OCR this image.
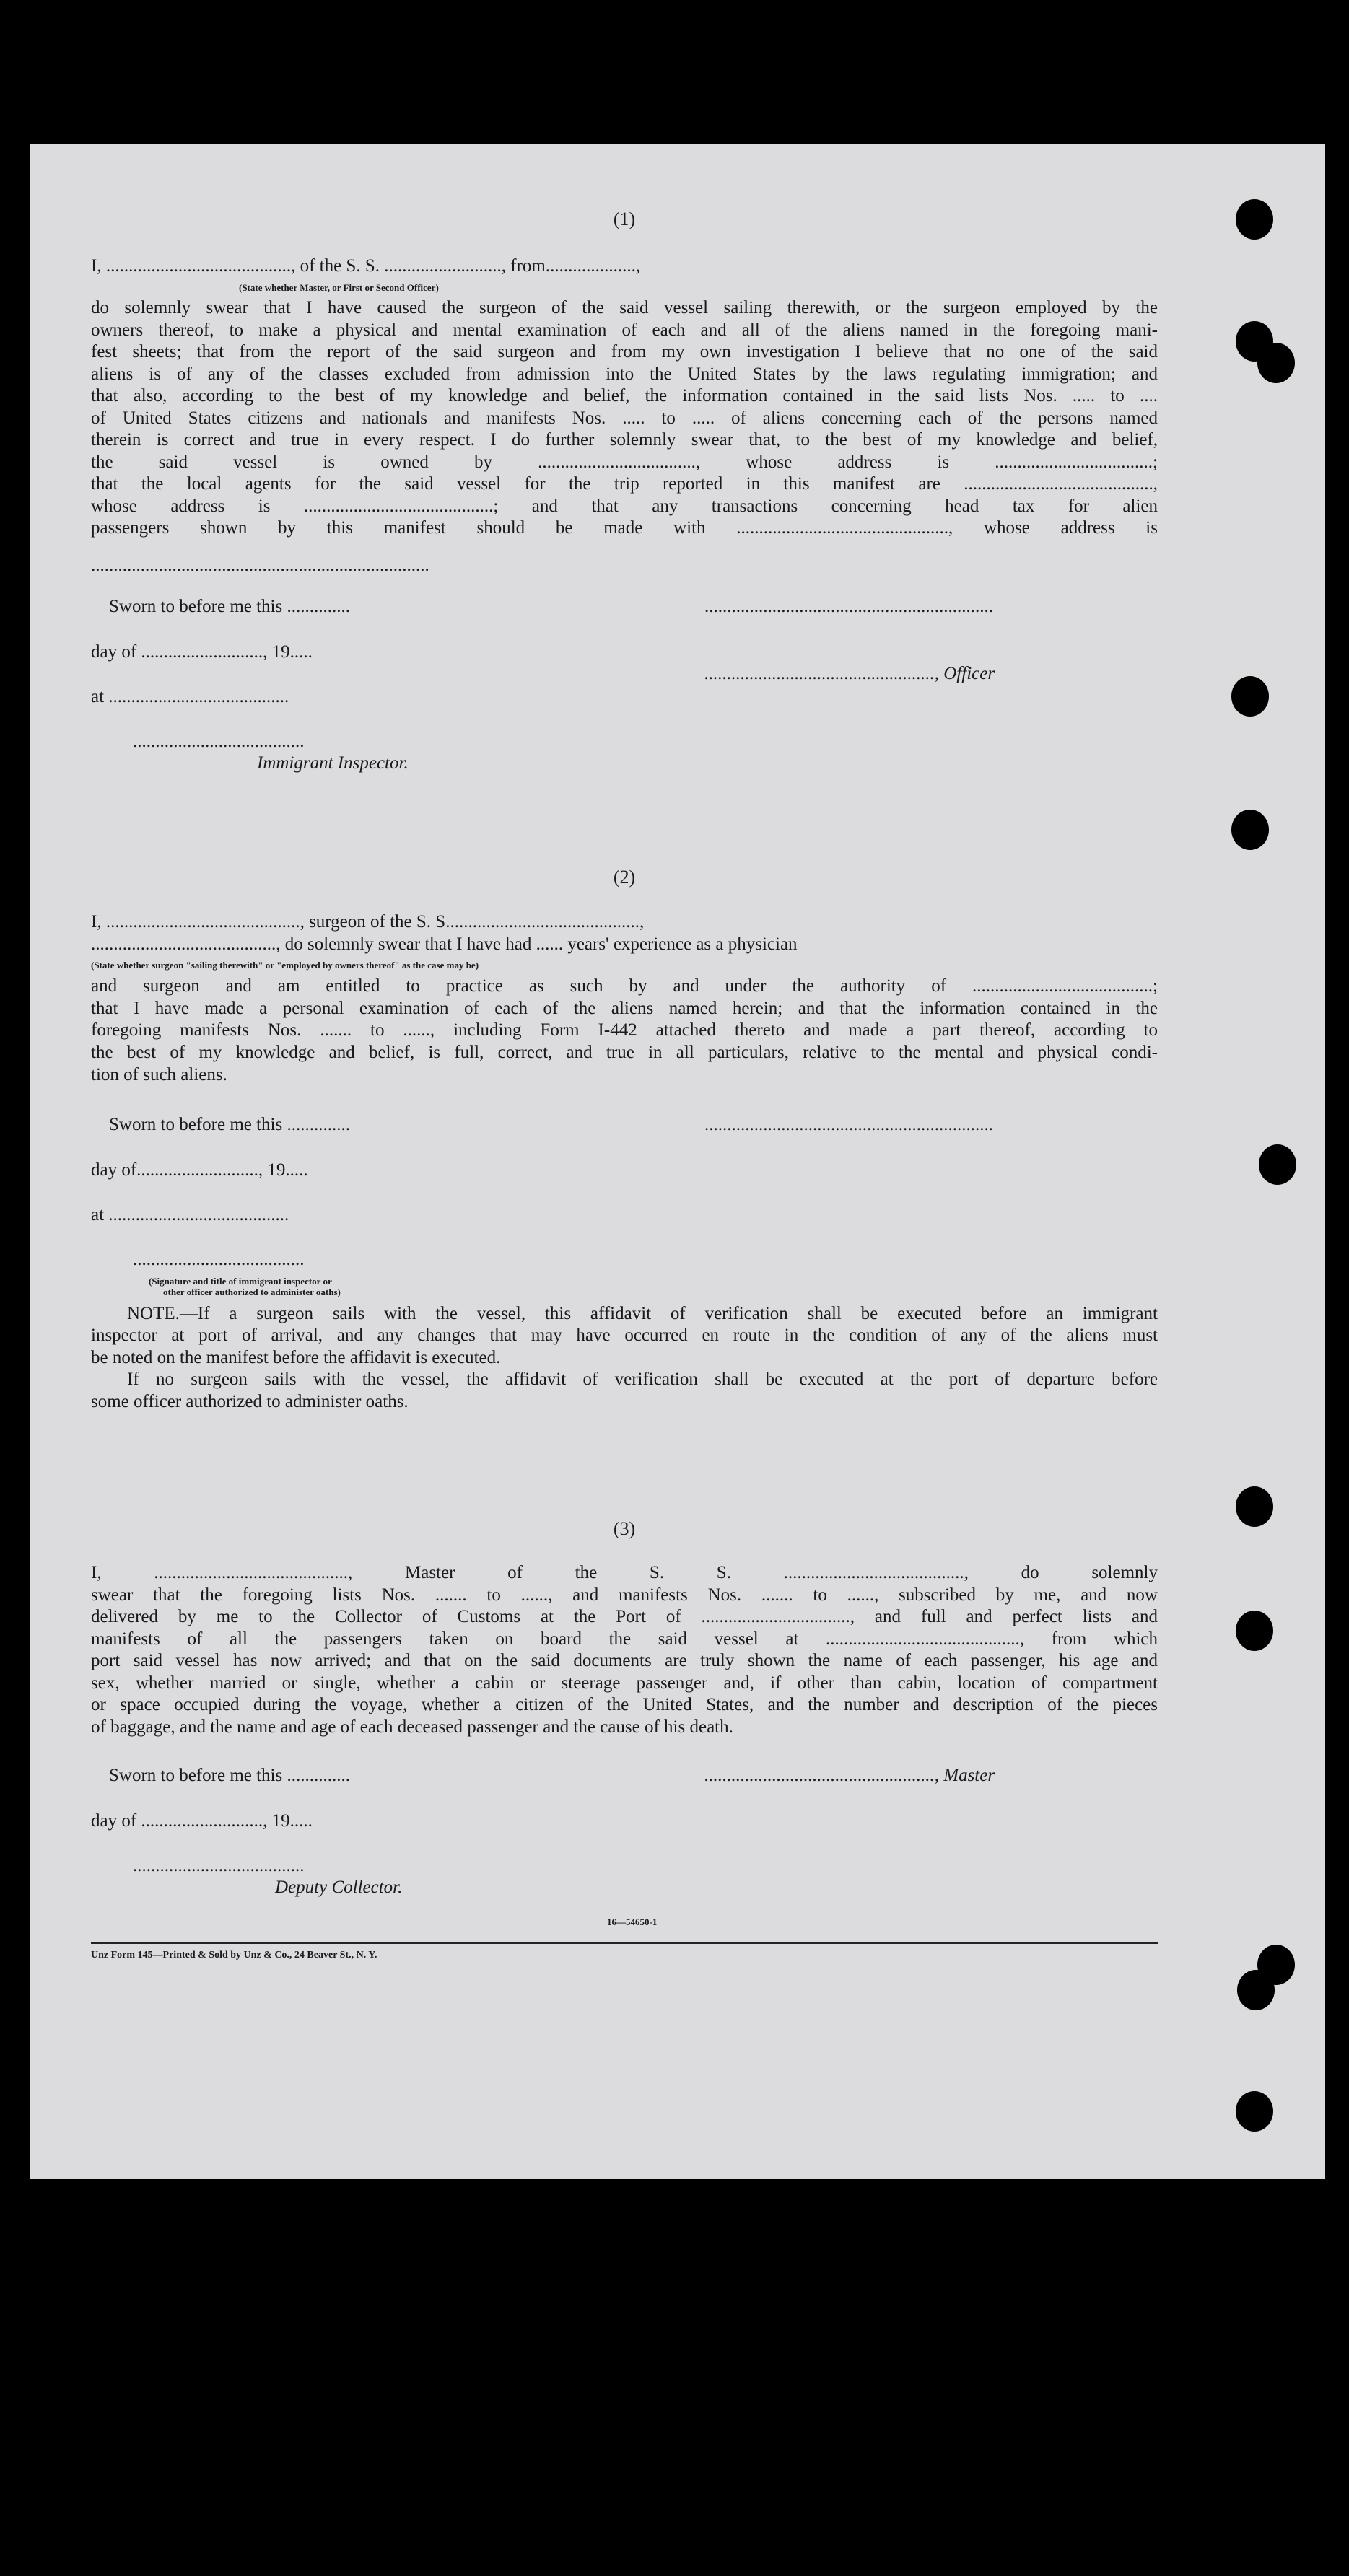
(1)
I, ........................................., of the S. S. .........................., from....................,
(State whether Master, or First or Second Officer)
do solemnly swear that I have caused the surgeon of the said vessel sailing therewith, or the surgeon employed by the
owners thereof, to make a physical and mental examination of each and all of the aliens named in the foregoing mani-
fest sheets; that from the report of the said surgeon and from my own investigation I believe that no one of the said
aliens is of any of the classes excluded from admission into the United States by the laws regulating immigration; and
that also, according to the best of my knowledge and belief, the information contained in the said lists Nos. ..... to ....
of United States citizens and nationals and manifests Nos. ..... to ..... of aliens concerning each of the persons named
therein is correct and true in every respect. I do further solemnly swear that, to the best of my knowledge and belief,
the said vessel is owned by ..................................., whose address is ...................................;
that the local agents for the said vessel for the trip reported in this manifest are ..........................................,
whose address is ..........................................; and that any transactions concerning head tax for alien
passengers shown by this manifest should be made with ..............................................., whose address is
...........................................................................
Sworn to before me this ..............	................................................................
day of ..........................., 19.....
..................................................., Officer
at ........................................
......................................
Immigrant Inspector.
(2)
I, ..........................................., surgeon of the S. S...........................................,
........................................., do solemnly swear that I have had ...... years' experience as a physician
(State whether surgeon "sailing therewith" or "employed by owners thereof" as the case may be)
and surgeon and am entitled to practice as such by and under the authority of ........................................;
that I have made a personal examination of each of the aliens named herein; and that the information contained in the
foregoing manifests Nos. ....... to ......, including Form I-442 attached thereto and made a part thereof, according to
the best of my knowledge and belief, is full, correct, and true in all particulars, relative to the mental and physical condi-
tion of such aliens.
Sworn to before me this ..............	................................................................
day of..........................., 19.....
at ........................................
......................................
(Signature and title of immigrant inspector or
other officer authorized to administer oaths)
NOTE.—If a surgeon sails with the vessel, this affidavit of verification shall be executed before an immigrant
inspector at port of arrival, and any changes that may have occurred en route in the condition of any of the aliens must
be noted on the manifest before the affidavit is executed.
If no surgeon sails with the vessel, the affidavit of verification shall be executed at the port of departure before
some officer authorized to administer oaths.
(3)
I, ..........................................., Master of the S. S. ........................................, do solemnly
swear that the foregoing lists Nos. ....... to ......, and manifests Nos. ....... to ......, subscribed by me, and now
delivered by me to the Collector of Customs at the Port of ................................., and full and perfect lists and
manifests of all the passengers taken on board the said vessel at ..........................................., from which
port said vessel has now arrived; and that on the said documents are truly shown the name of each passenger, his age and
sex, whether married or single, whether a cabin or steerage passenger and, if other than cabin, location of compartment
or space occupied during the voyage, whether a citizen of the United States, and the number and description of the pieces
of baggage, and the name and age of each deceased passenger and the cause of his death.
Sworn to before me this ..............	..................................................., Master
day of ..........................., 19.....
......................................
Deputy Collector.
16—54650-1
Unz Form 145—Printed & Sold by Unz & Co., 24 Beaver St., N. Y.
